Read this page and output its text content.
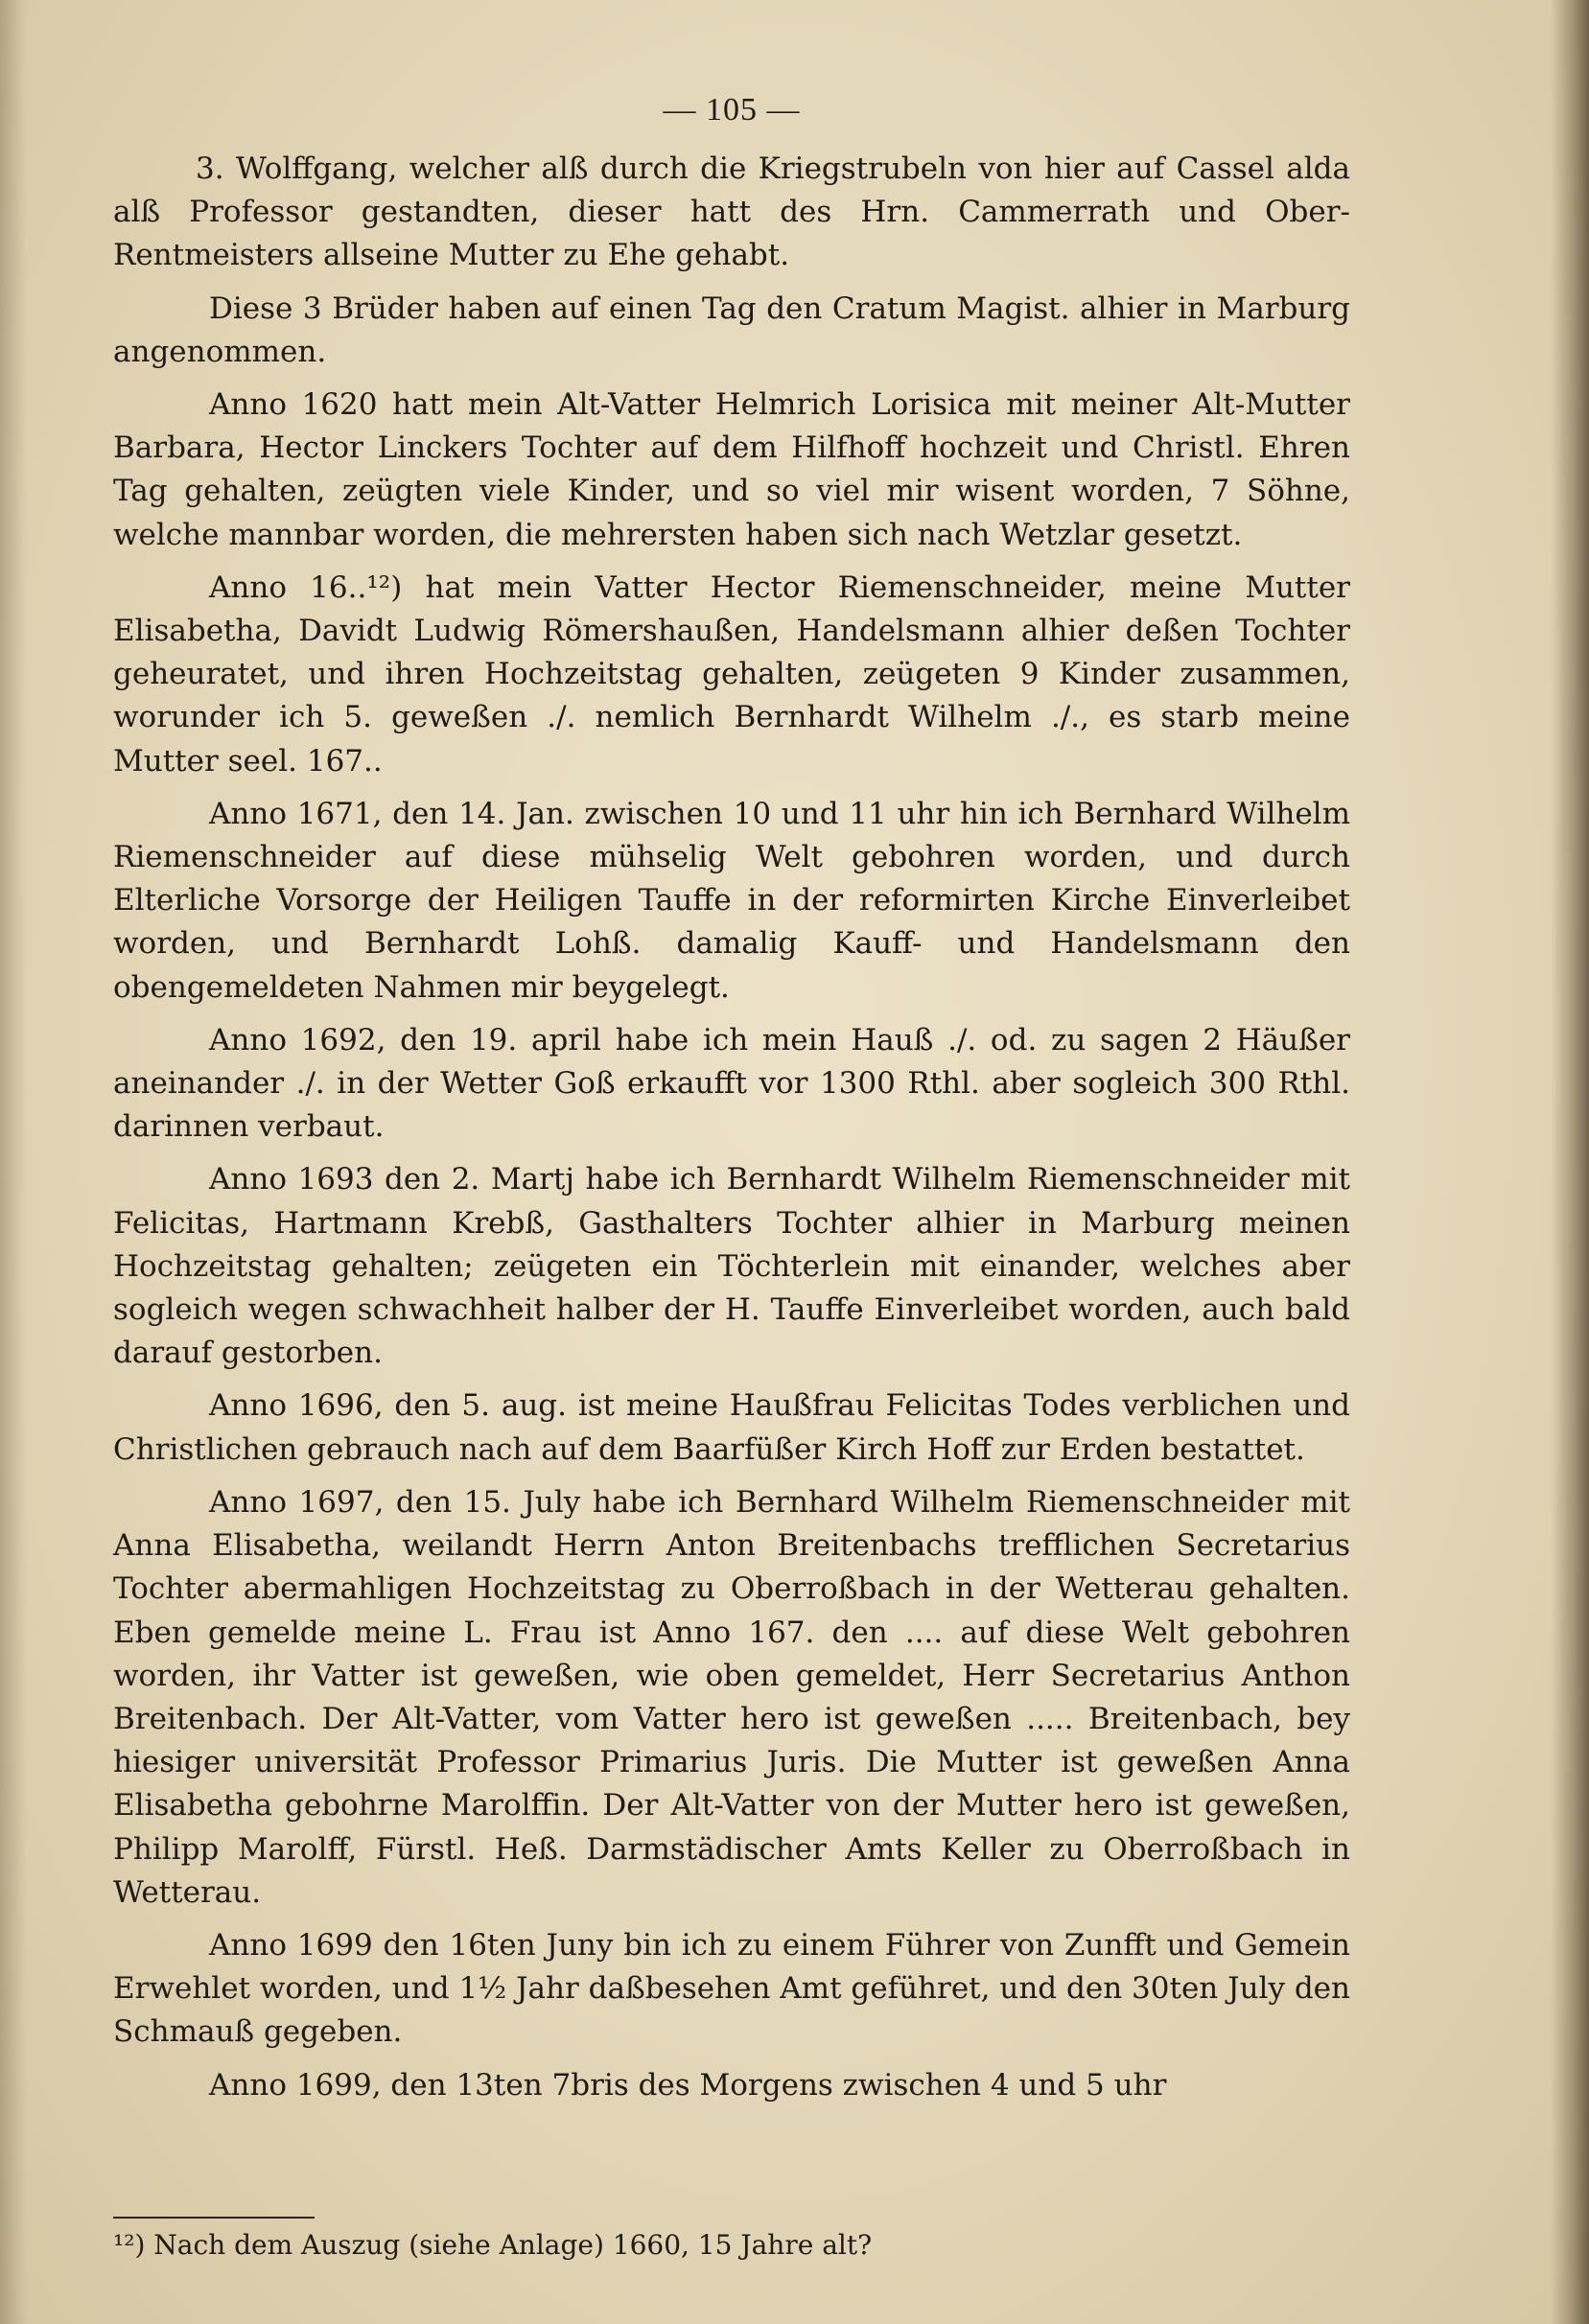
— 105 —

3. Wolffgang, welcher alß durch die Kriegstrubeln von hier auf Cassel alda alß Professor gestandten, dieser hatt des Hrn. Cammerrath und Ober-Rentmeisters allseine Mutter zu Ehe gehabt.

Diese 3 Brüder haben auf einen Tag den Cratum Magist. alhier in Marburg angenommen.

Anno 1620 hatt mein Alt-Vatter Helmrich Lorisica mit meiner Alt-Mutter Barbara, Hector Linckers Tochter auf dem Hilfhoff hochzeit und Christl. Ehren Tag gehalten, zeügten viele Kinder, und so viel mir wisent worden, 7 Söhne, welche mannbar worden, die mehrersten haben sich nach Wetzlar gesetzt.

Anno 16..¹²) hat mein Vatter Hector Riemenschneider, meine Mutter Elisabetha, Davidt Ludwig Römershaußen, Handelsmann alhier deßen Tochter geheuratet, und ihren Hochzeitstag gehalten, zeügeten 9 Kinder zusammen, worunder ich 5. geweßen ./. nemlich Bernhardt Wilhelm ./., es starb meine Mutter seel. 167..

Anno 1671, den 14. Jan. zwischen 10 und 11 uhr hin ich Bernhard Wilhelm Riemenschneider auf diese mühselig Welt gebohren worden, und durch Elterliche Vorsorge der Heiligen Tauffe in der reformirten Kirche Einverleibet worden, und Bernhardt Lohß. damalig Kauff- und Handelsmann den obengemeldeten Nahmen mir beygelegt.

Anno 1692, den 19. april habe ich mein Hauß ./. od. zu sagen 2 Häußer aneinander ./. in der Wetter Goß erkaufft vor 1300 Rthl. aber sogleich 300 Rthl. darinnen verbaut.

Anno 1693 den 2. Martj habe ich Bernhardt Wilhelm Riemenschneider mit Felicitas, Hartmann Krebß, Gasthalters Tochter alhier in Marburg meinen Hochzeitstag gehalten; zeügeten ein Töchterlein mit einander, welches aber sogleich wegen schwachheit halber der H. Tauffe Einverleibet worden, auch bald darauf gestorben.

Anno 1696, den 5. aug. ist meine Haußfrau Felicitas Todes verblichen und Christlichen gebrauch nach auf dem Baarfüßer Kirch Hoff zur Erden bestattet.

Anno 1697, den 15. July habe ich Bernhard Wilhelm Riemenschneider mit Anna Elisabetha, weilandt Herrn Anton Breitenbachs trefflichen Secretarius Tochter abermahligen Hochzeitstag zu Oberroßbach in der Wetterau gehalten. Eben gemelde meine L. Frau ist Anno 167. den .... auf diese Welt gebohren worden, ihr Vatter ist geweßen, wie oben gemeldet, Herr Secretarius Anthon Breitenbach. Der Alt-Vatter, vom Vatter hero ist geweßen ..... Breitenbach, bey hiesiger universität Professor Primarius Juris. Die Mutter ist geweßen Anna Elisabetha gebohrne Marolffin. Der Alt-Vatter von der Mutter hero ist geweßen, Philipp Marolff, Fürstl. Heß. Darmstädischer Amts Keller zu Oberroßbach in Wetterau.

Anno 1699 den 16ten Juny bin ich zu einem Führer von Zunfft und Gemein Erwehlet worden, und 1½ Jahr daßbesehen Amt geführet, und den 30ten July den Schmauß gegeben.

Anno 1699, den 13ten 7bris des Morgens zwischen 4 und 5 uhr

¹²) Nach dem Auszug (siehe Anlage) 1660, 15 Jahre alt?
